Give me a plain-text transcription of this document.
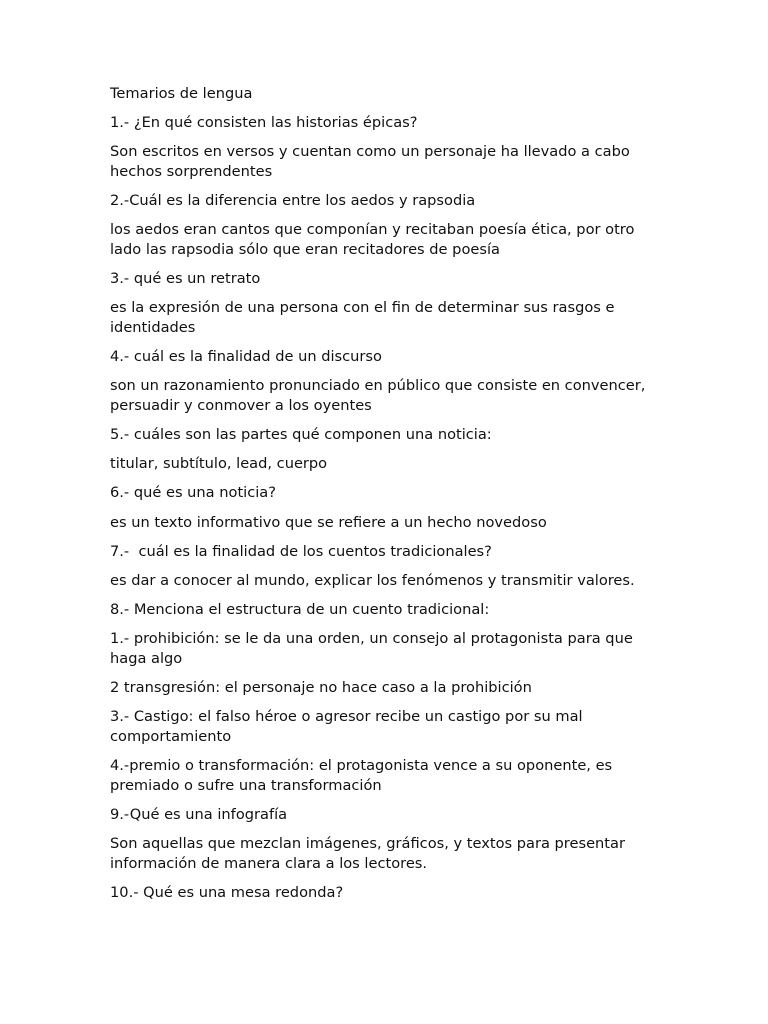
Temarios de lengua

1.- ¿En qué consisten las historias épicas?

Son escritos en versos y cuentan como un personaje ha llevado a cabo hechos sorprendentes

2.-Cuál es la diferencia entre los aedos y rapsodia

los aedos eran cantos que componían y recitaban poesía ética, por otro lado las rapsodia sólo que eran recitadores de poesía

3.- qué es un retrato

es la expresión de una persona con el fin de determinar sus rasgos e identidades

4.- cuál es la finalidad de un discurso

son un razonamiento pronunciado en público que consiste en convencer, persuadir y conmover a los oyentes

5.- cuáles son las partes qué componen una noticia:

titular, subtítulo, lead, cuerpo

6.- qué es una noticia?

es un texto informativo que se refiere a un hecho novedoso

7.-  cuál es la finalidad de los cuentos tradicionales?

es dar a conocer al mundo, explicar los fenómenos y transmitir valores.

8.- Menciona el estructura de un cuento tradicional:

1.- prohibición: se le da una orden, un consejo al protagonista para que haga algo

2 transgresión: el personaje no hace caso a la prohibición

3.- Castigo: el falso héroe o agresor recibe un castigo por su mal comportamiento

4.-premio o transformación: el protagonista vence a su oponente, es premiado o sufre una transformación

9.-Qué es una infografía

Son aquellas que mezclan imágenes, gráficos, y textos para presentar información de manera clara a los lectores.

10.- Qué es una mesa redonda?
